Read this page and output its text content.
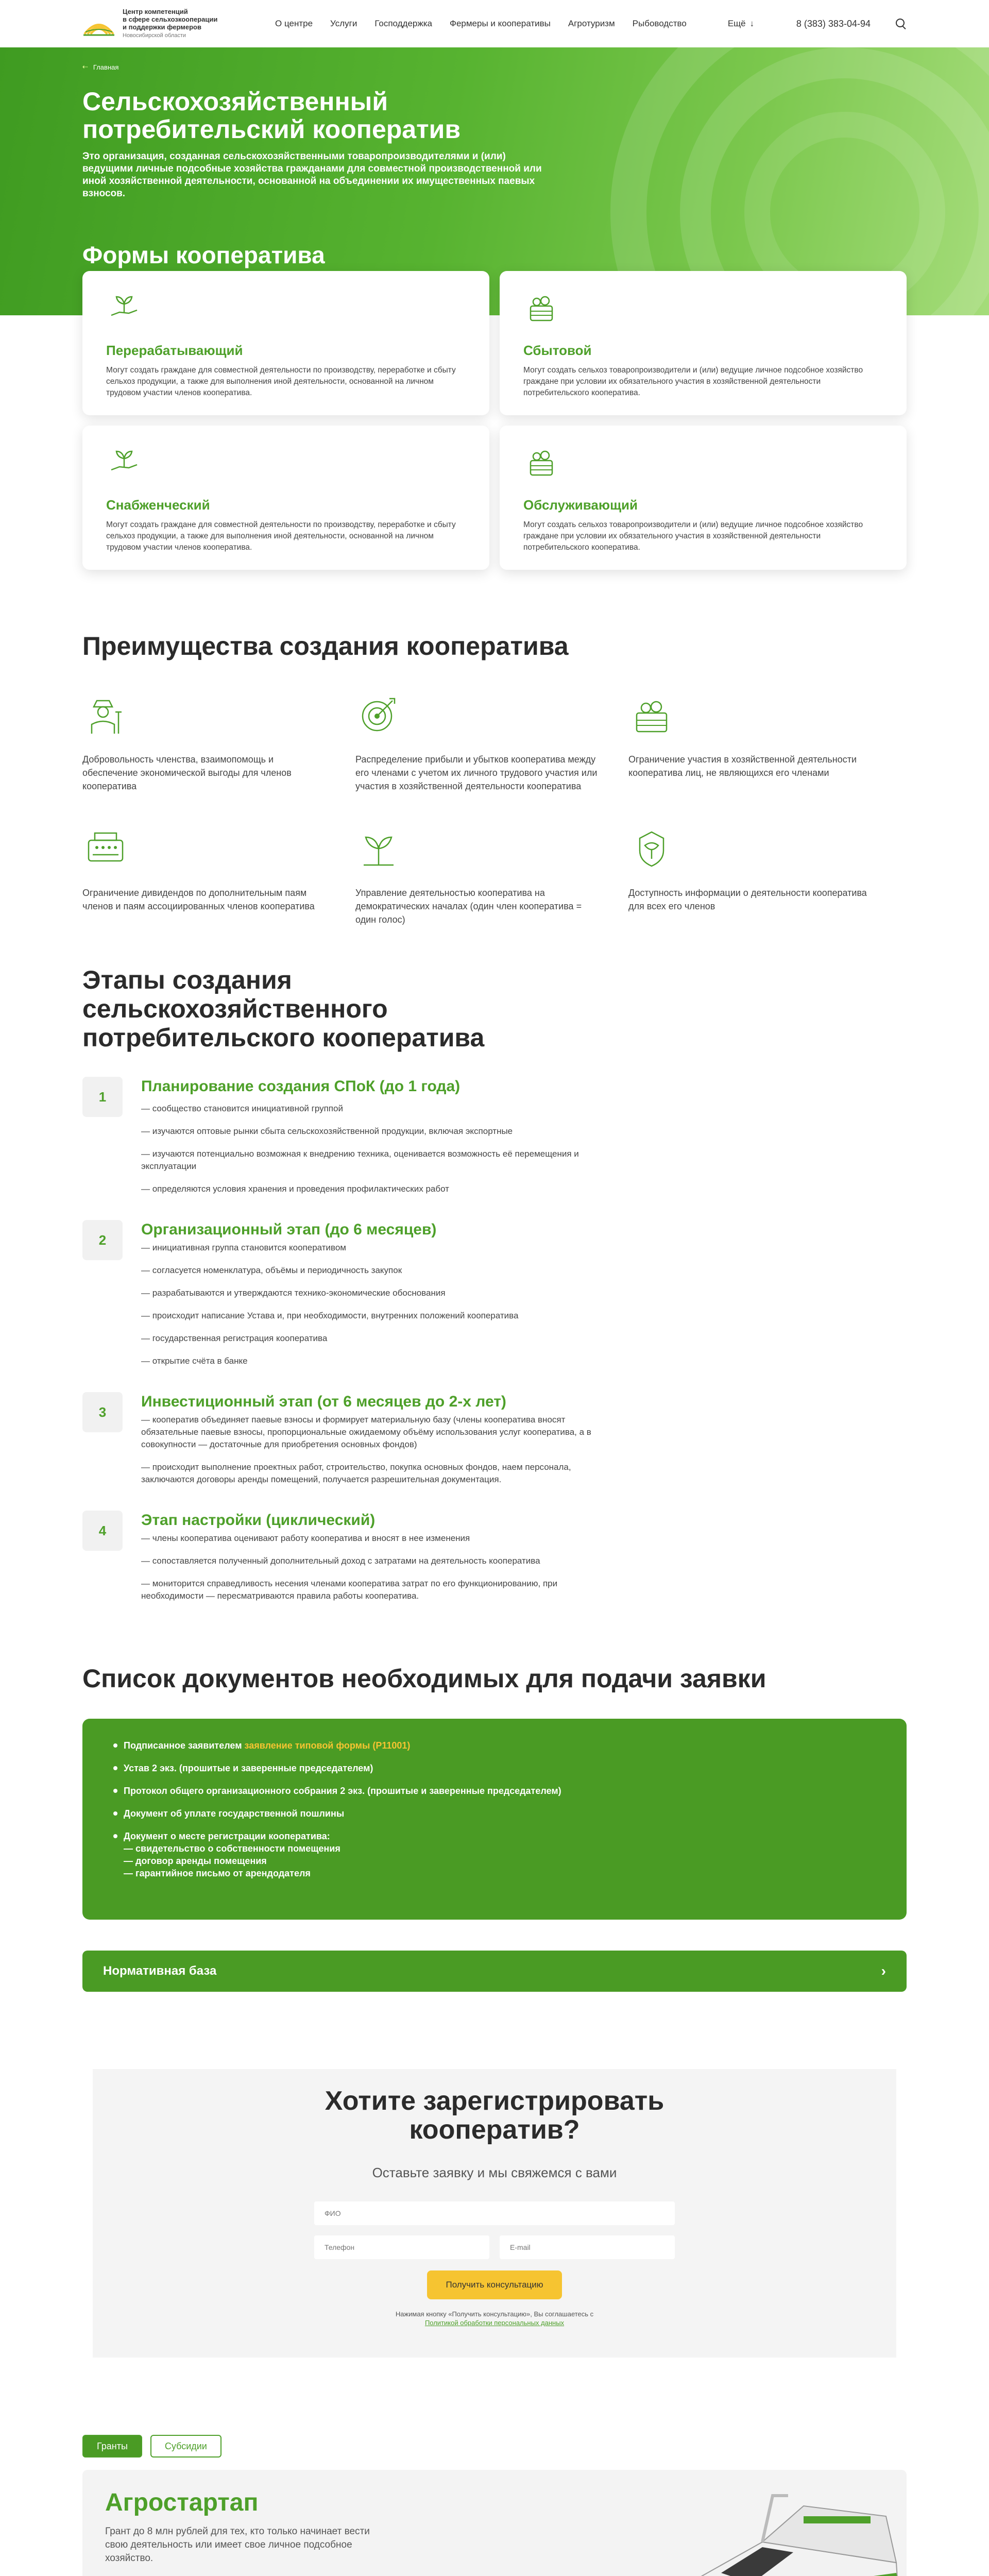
Центр компетенций
в сфере сельхозкооперации
и поддержки фермеров
Новосибирской области
О центре Услуги Господдержка Фермеры и кооперативы Агротуризм Рыбоводство	Ещё ↓	8 (383) 383-04-94
⇠ Главная
Сельскохозяйственный потребительский кооператив

Это организация, созданная сельскохозяйственными товаропроизводителями и (или) ведущими личные подсобные хозяйства гражданами для совместной производственной или иной хозяйственной деятельности, основанной на объединении их имущественных паевых взносов.

Формы кооператива
Перерабатывающий
Могут создать граждане для совместной деятельности по производству, переработке и сбыту сельхоз продукции, а также для выполнения иной деятельности, основанной на личном трудовом участии членов кооператива.
Сбытовой
Могут создать сельхоз товаропроизводители и (или) ведущие личное подсобное хозяйство граждане при условии их обязательного участия в хозяйственной деятельности потребительского кооператива.
Снабженческий
Могут создать граждане для совместной деятельности по производству, переработке и сбыту сельхоз продукции, а также для выполнения иной деятельности, основанной на личном трудовом участии членов кооператива.
Обслуживающий
Могут создать сельхоз товаропроизводители и (или) ведущие личное подсобное хозяйство граждане при условии их обязательного участия в хозяйственной деятельности потребительского кооператива.
Преимущества создания кооператива
Добровольность членства, взаимопомощь и обеспечение экономической выгоды для членов кооператива
Распределение прибыли и убытков кооператива между его членами с учетом их личного трудового участия или участия в хозяйственной деятельности кооператива
Ограничение участия в хозяйственной деятельности кооператива лиц, не являющихся его членами
Ограничение дивидендов по дополнительным паям членов и паям ассоциированных членов кооператива
Управление деятельностью кооператива на демократических началах (один член кооператива = один голос)
Доступность информации о деятельности кооператива для всех его членов
Этапы создания сельскохозяйственного потребительского кооператива
1
Планирование создания СПоК (до 1 года)
— сообщество становится инициативной группой
— изучаются оптовые рынки сбыта сельскохозяйственной продукции, включая экспортные
— изучаются потенциально возможная к внедрению техника, оценивается возможность её перемещения и эксплуатации
— определяются условия хранения и проведения профилактических работ
2
Организационный этап (до 6 месяцев)
— инициативная группа становится кооперативом
— согласуется номенклатура, объёмы и периодичность закупок
— разрабатываются и утверждаются технико-экономические обоснования
— происходит написание Устава и, при необходимости, внутренних положений кооператива
— государственная регистрация кооператива
— открытие счёта в банке
3
Инвестиционный этап (от 6 месяцев до 2-х лет)
— кооператив объединяет паевые взносы и формирует материальную базу (члены кооператива вносят обязательные паевые взносы, пропорциональные ожидаемому объёму использования услуг кооператива, а в совокупности — достаточные для приобретения основных фондов)
— происходит выполнение проектных работ, строительство, покупка основных фондов, наем персонала, заключаются договоры аренды помещений, получается разрешительная документация.
4
Этап настройки (циклический)
— члены кооператива оценивают работу кооператива и вносят в нее изменения
— сопоставляется полученный дополнительный доход с затратами на деятельность кооператива
— мониторится справедливость несения членами кооператива затрат по его функционированию, при необходимости — пересматриваются правила работы кооператива.
Список документов необходимых для подачи заявки
Подписанное заявителем заявление типовой формы (Р11001)
Устав 2 экз. (прошитые и заверенные председателем)
Протокол общего организационного собрания 2 экз. (прошитые и заверенные председателем)
Документ об уплате государственной пошлины
Документ о месте регистрации кооператива:
— свидетельство о собственности помещения
— договор аренды помещения
— гарантийное письмо от арендодателя
Нормативная база	›
Хотите зарегистрировать кооператив?
Оставьте заявку и мы свяжемся с вами
ФИО
Телефон
E-mail
Получить консультацию
Нажимая кнопку «Получить консультацию», Вы соглашаетесь с Политикой обработки персональных данных
Гранты	Субсидии
Агростартап
Грант до 8 млн рублей для тех, кто только начинает вести свою деятельность или имеет свое личное подсобное хозяйство.
